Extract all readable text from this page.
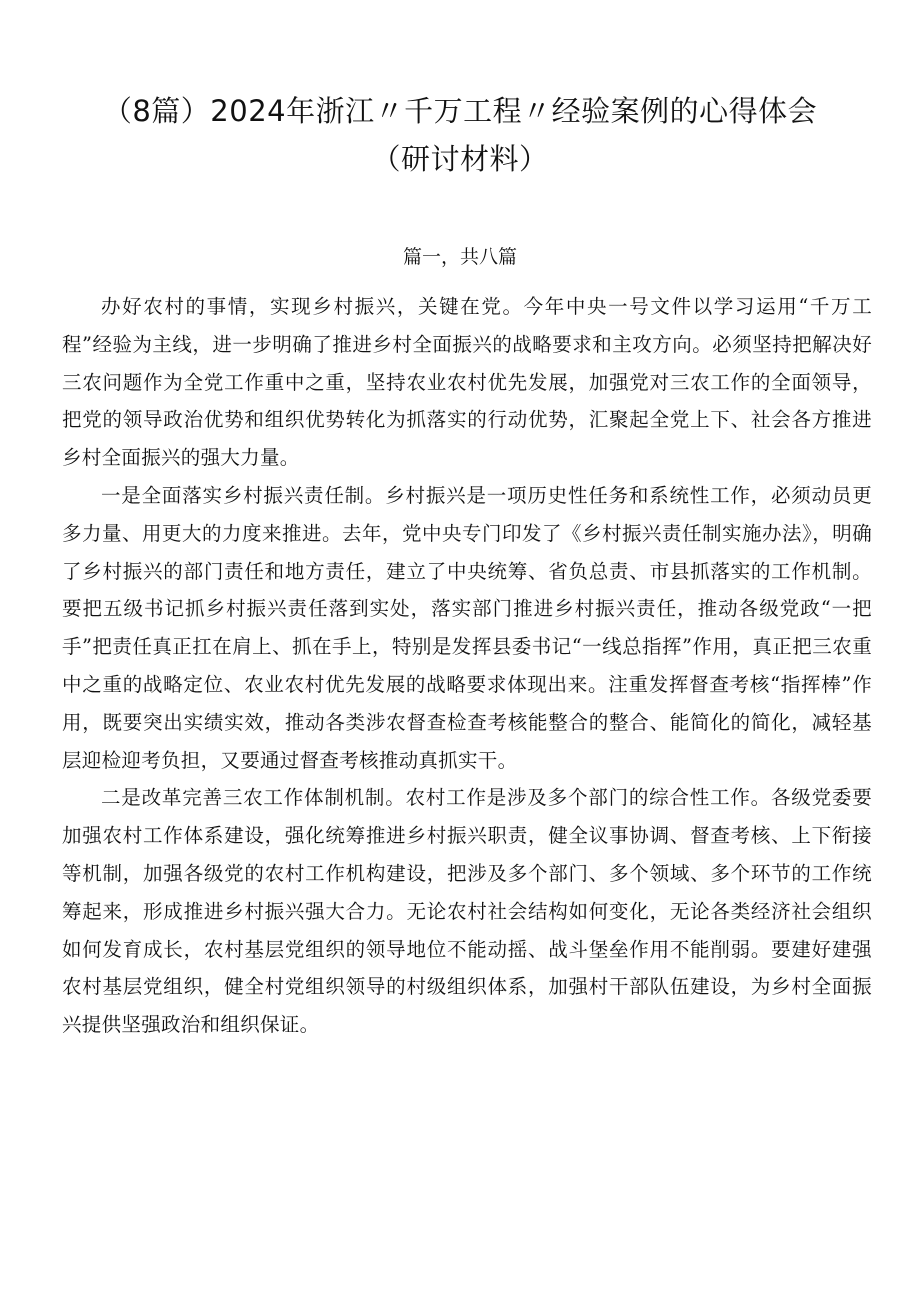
（8篇）2024年浙江〃千万工程〃经验案例的心得体会
（研讨材料）

篇一，共八篇

办好农村的事情，实现乡村振兴，关键在党。今年中央一号文件以学习运用“千万工程”经验为主线，进一步明确了推进乡村全面振兴的战略要求和主攻方向。必须坚持把解决好三农问题作为全党工作重中之重，坚持农业农村优先发展，加强党对三农工作的全面领导，把党的领导政治优势和组织优势转化为抓落实的行动优势，汇聚起全党上下、社会各方推进乡村全面振兴的强大力量。

一是全面落实乡村振兴责任制。乡村振兴是一项历史性任务和系统性工作，必须动员更多力量、用更大的力度来推进。去年，党中央专门印发了《乡村振兴责任制实施办法》，明确了乡村振兴的部门责任和地方责任，建立了中央统筹、省负总责、市县抓落实的工作机制。要把五级书记抓乡村振兴责任落到实处，落实部门推进乡村振兴责任，推动各级党政“一把手”把责任真正扛在肩上、抓在手上，特别是发挥县委书记“一线总指挥”作用，真正把三农重中之重的战略定位、农业农村优先发展的战略要求体现出来。注重发挥督查考核“指挥棒”作用，既要突出实绩实效，推动各类涉农督查检查考核能整合的整合、能简化的简化，减轻基层迎检迎考负担，又要通过督查考核推动真抓实干。

二是改革完善三农工作体制机制。农村工作是涉及多个部门的综合性工作。各级党委要加强农村工作体系建设，强化统筹推进乡村振兴职责，健全议事协调、督查考核、上下衔接等机制，加强各级党的农村工作机构建设，把涉及多个部门、多个领域、多个环节的工作统筹起来，形成推进乡村振兴强大合力。无论农村社会结构如何变化，无论各类经济社会组织如何发育成长，农村基层党组织的领导地位不能动摇、战斗堡垒作用不能削弱。要建好建强农村基层党组织，健全村党组织领导的村级组织体系，加强村干部队伍建设，为乡村全面振兴提供坚强政治和组织保证。
